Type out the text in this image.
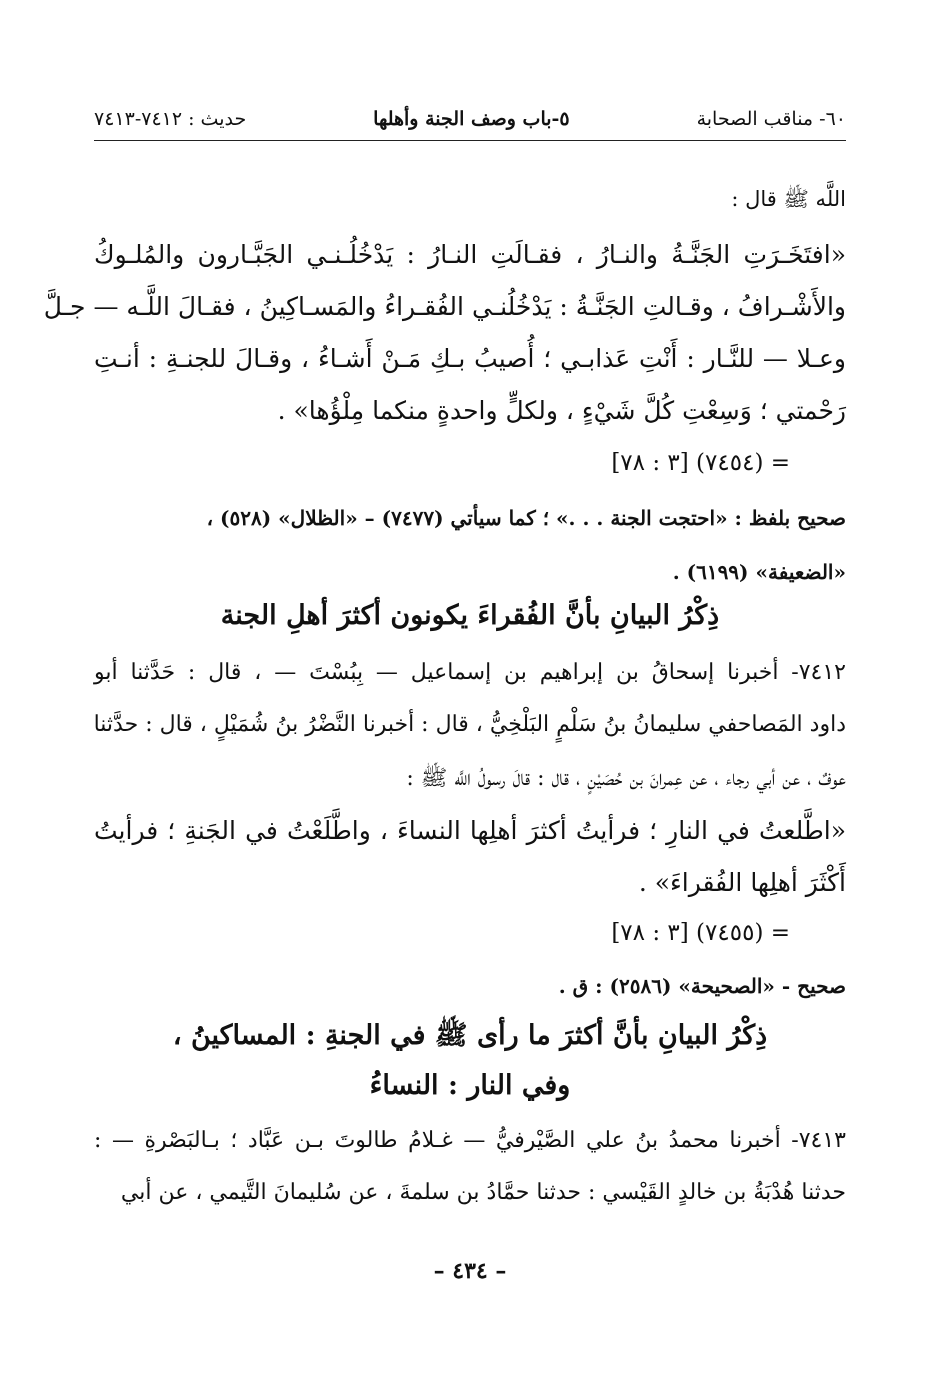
٦٠- مناقب الصحابة
٥-باب وصف الجنة وأهلها
حديث : ٧٤١٢-٧٤١٣
اللَّه ﷺ قال :
«افتَخَـرَتِ الجَنَّـةُ والنـارُ ، فقـالَتِ النـارُ : يَدْخُلُـنـي الجَبَّـارون والمُلـوكُ
والأَشْـرافُ ، وقـالتِ الجَنَّـةُ : يَدْخُلُنـي الفُقـراءُ والمَسـاكِينُ ، فقـالَ اللَّـه — جـلَّ
وعـلا — للنَّـار : أَنْتِ عَذابـي ؛ أُصيبُ بـكِ مَـنْ أَشـاءُ ، وقـالَ للجنـةِ : أنـتِ
رَحْمتي ؛ وَسِعْتِ كُلَّ شَيْءٍ ، ولكلٍّ واحدةٍ منكما مِلْؤُها» .
= (٧٤٥٤) [٣ : ٧٨]
صحيح بلفظ : «احتجت الجنة . . .» ؛ كما سيأتي (٧٤٧٧) – «الظلال» (٥٢٨) ،
«الضعيفة» (٦١٩٩) .
ذِكْرُ البيانِ بأنَّ الفُقراءَ يكونون أكثرَ أهلِ الجنة
٧٤١٢- أخبرنا إسحاقُ بن إبراهيم بن إسماعيل — بِبُسْتَ — ، قال : حَدَّثنا أبو
داود المَصاحفي سليمانُ بنُ سَلْمٍ البَلْخِيُّ ، قال : أخبرنا النَّضْرُ بنُ شُمَيْلٍ ، قال : حدَّثنا
عوفٌ ، عن أبي رجاء ، عن عِمرانَ بن حُصَيْنٍ ، قال : قالَ رسولُ اللَّه ﷺ :
«اطَّلعتُ في النارِ ؛ فرأيتُ أكثرَ أهلِها النساءَ ، واطَّلَعْتُ في الجَنةِ ؛ فرأيتُ
أَكْثَرَ أهلِها الفُقراءَ» .
= (٧٤٥٥) [٣ : ٧٨]
صحيح - «الصحيحة» (٢٥٨٦) : ق .
ذِكْرُ البيانِ بأنَّ أكثرَ ما رأى ﷺ في الجنةِ : المساكينُ ،
وفي النار : النساءُ
٧٤١٣- أخبرنا محمدُ بنُ علي الصَّيْرفيُّ — غـلامُ طالوتَ بـن عَبَّاد ؛ بـالبَصْرةِ — :
حدثنا هُدْبَةُ بن خالدٍ القَيْسي : حدثنا حمَّادُ بن سلمةَ ، عن سُليمانَ التَّيمي ، عن أبي
– ٤٣٤ –
